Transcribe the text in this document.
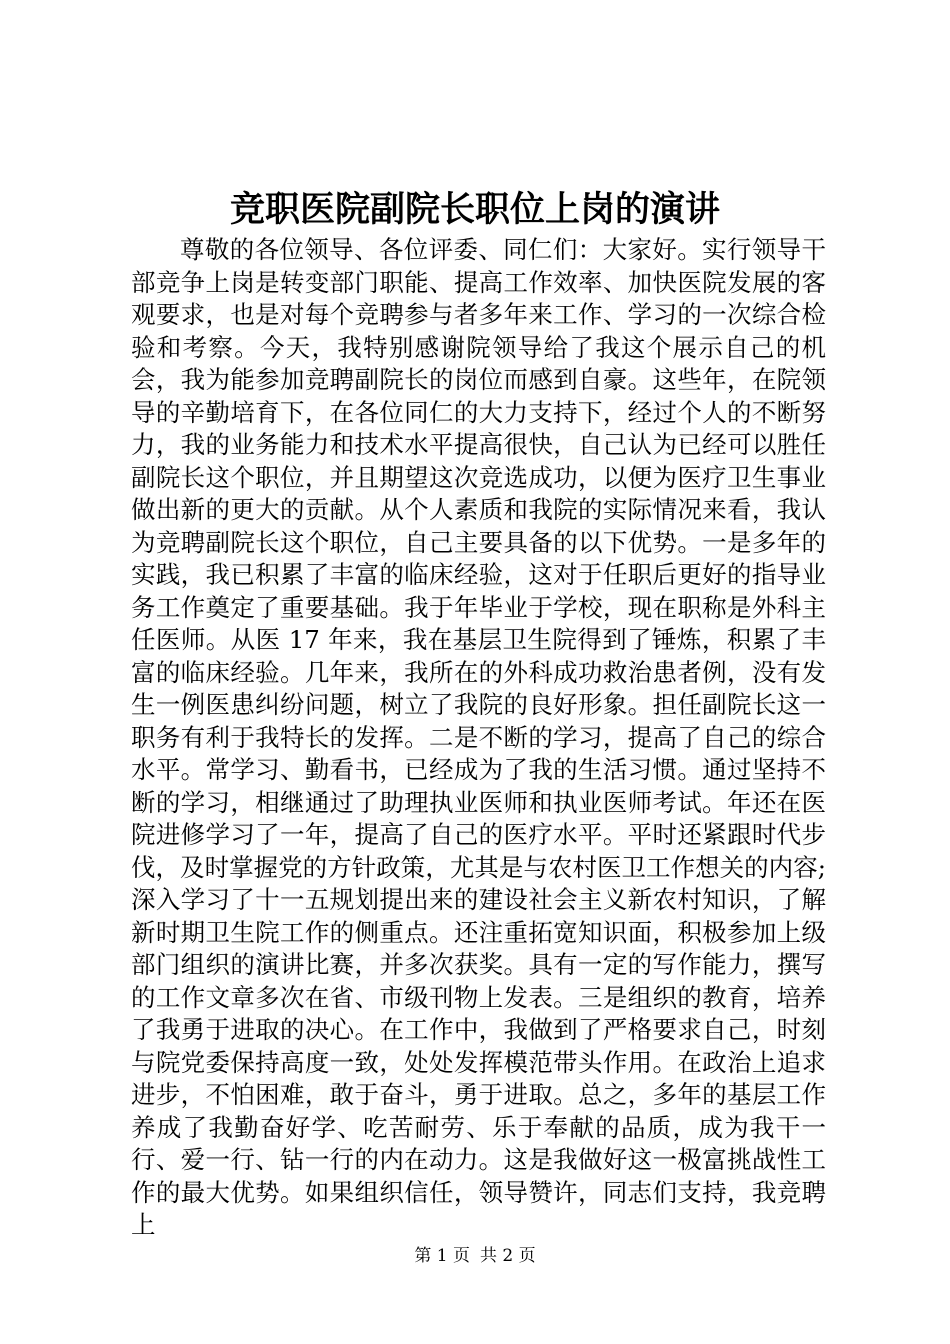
竞职医院副院长职位上岗的演讲

尊敬的各位领导、各位评委、同仁们：大家好。实行领导干部竞争上岗是转变部门职能、提高工作效率、加快医院发展的客观要求，也是对每个竞聘参与者多年来工作、学习的一次综合检验和考察。今天，我特别感谢院领导给了我这个展示自己的机会，我为能参加竞聘副院长的岗位而感到自豪。这些年，在院领导的辛勤培育下，在各位同仁的大力支持下，经过个人的不断努力，我的业务能力和技术水平提高很快，自己认为已经可以胜任副院长这个职位，并且期望这次竞选成功，以便为医疗卫生事业做出新的更大的贡献。从个人素质和我院的实际情况来看，我认为竞聘副院长这个职位，自己主要具备的以下优势。一是多年的实践，我已积累了丰富的临床经验，这对于任职后更好的指导业务工作奠定了重要基础。我于年毕业于学校，现在职称是外科主任医师。从医 17 年来，我在基层卫生院得到了锤炼，积累了丰富的临床经验。几年来，我所在的外科成功救治患者例，没有发生一例医患纠纷问题，树立了我院的良好形象。担任副院长这一职务有利于我特长的发挥。二是不断的学习，提高了自己的综合水平。常学习、勤看书，已经成为了我的生活习惯。通过坚持不断的学习，相继通过了助理执业医师和执业医师考试。年还在医院进修学习了一年，提高了自己的医疗水平。平时还紧跟时代步伐，及时掌握党的方针政策，尤其是与农村医卫工作想关的内容;深入学习了十一五规划提出来的建设社会主义新农村知识，了解新时期卫生院工作的侧重点。还注重拓宽知识面，积极参加上级部门组织的演讲比赛，并多次获奖。具有一定的写作能力，撰写的工作文章多次在省、市级刊物上发表。三是组织的教育，培养了我勇于进取的决心。在工作中，我做到了严格要求自己，时刻与院党委保持高度一致，处处发挥模范带头作用。在政治上追求进步，不怕困难，敢于奋斗，勇于进取。总之，多年的基层工作养成了我勤奋好学、吃苦耐劳、乐于奉献的品质，成为我干一行、爱一行、钻一行的内在动力。这是我做好这一极富挑战性工作的最大优势。如果组织信任，领导赞许，同志们支持，我竞聘上

第 1 页 共 2 页
